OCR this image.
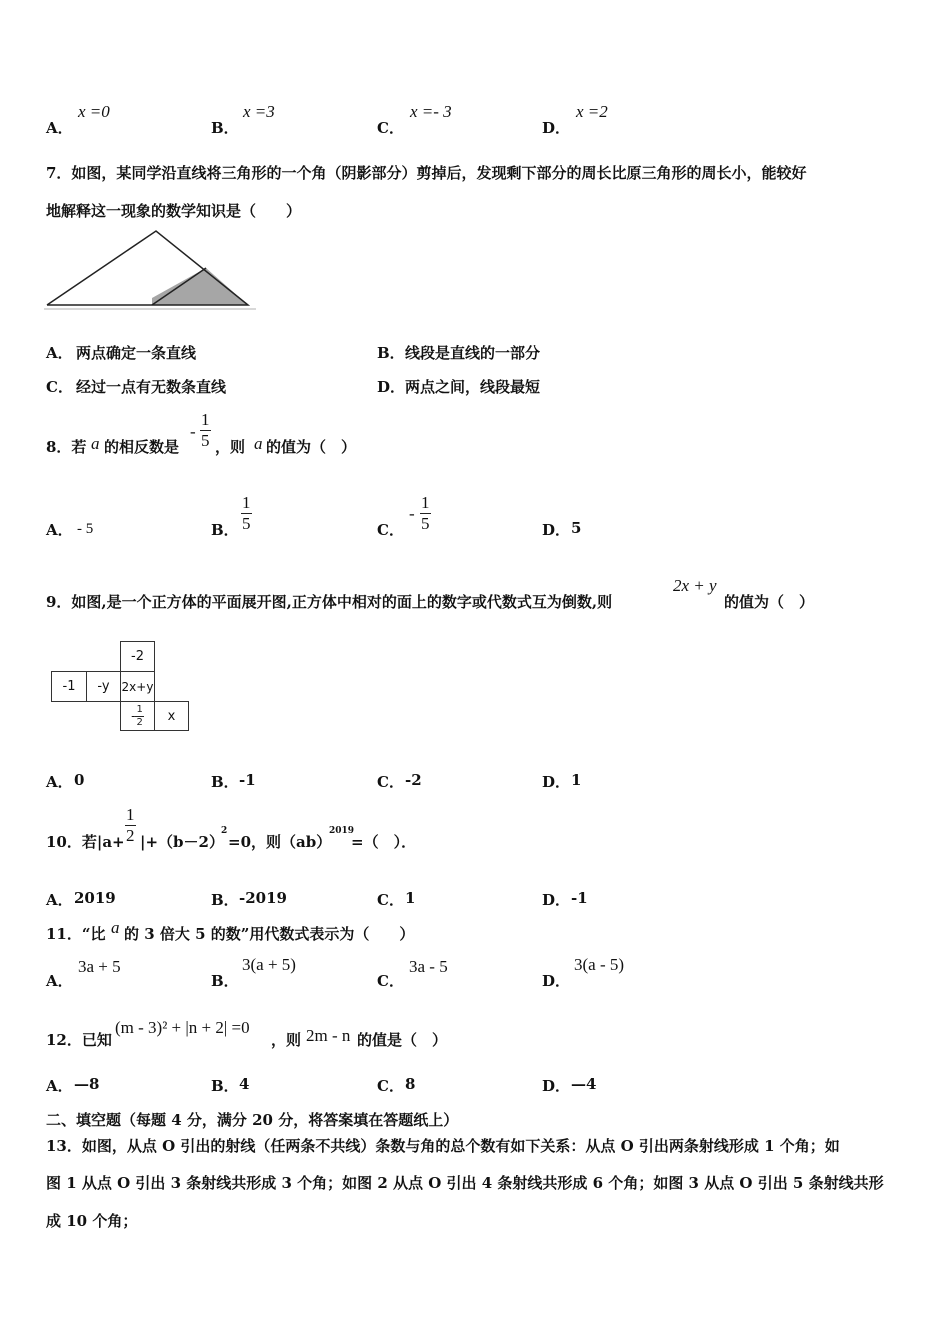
A．
x =0
B．
x =3
C．
x =- 3
D．
x =2
7．如图，某同学沿直线将三角形的一个角（阴影部分）剪掉后，发现剩下部分的周长比原三角形的周长小，能较好
地解释这一现象的数学知识是（　　）
A． 两点确定一条直线	B． 线段是直线的一部分
C． 经过一点有无数条直线	D． 两点之间，线段最短
8．若 a 的相反数是
- $\frac{1}{5}$ ，则 a 的值为（　）
A． - 5	B． $\frac{1}{5}$	C．
- $\frac{1}{5}$	D． 5
9．如图,是一个正方体的平面展开图,正方体中相对的面上的数字或代数式互为倒数,则
2x + y
的值为（　）
-2
-1 -y 2x+y
- $\frac{1}{2}$ x
A． 0	B． -1	C． -2	D． 1
10．若$|a+ \frac{1}{2} |+(b-2)$
2
=0，则（ab）
2019
=（　）．
A． 2019	B． -2019	C． 1	D． -1
11．“比 a 的 3 倍大 5 的数”用代数式表示为（　　）
A．
3a + 5
B．
3(a + 5)
C．
3a - 5
D．
3(a - 5)
12．已知
(m - 3)² + |n + 2| =0
，则 2m - n 的值是（　）
A． —8	B． 4	C． 8	D． —4
二、填空题（每题 4 分，满分 20 分，将答案填在答题纸上）
13．如图，从点 O 引出的射线（任两条不共线）条数与角的总个数有如下关系：从点 O 引出两条射线形成 1 个角；如
图 1 从点 O 引出 3 条射线共形成 3 个角；如图 2 从点 O 引出 4 条射线共形成 6 个角；如图 3 从点 O 引出 5 条射线共形
成 10 个角；
